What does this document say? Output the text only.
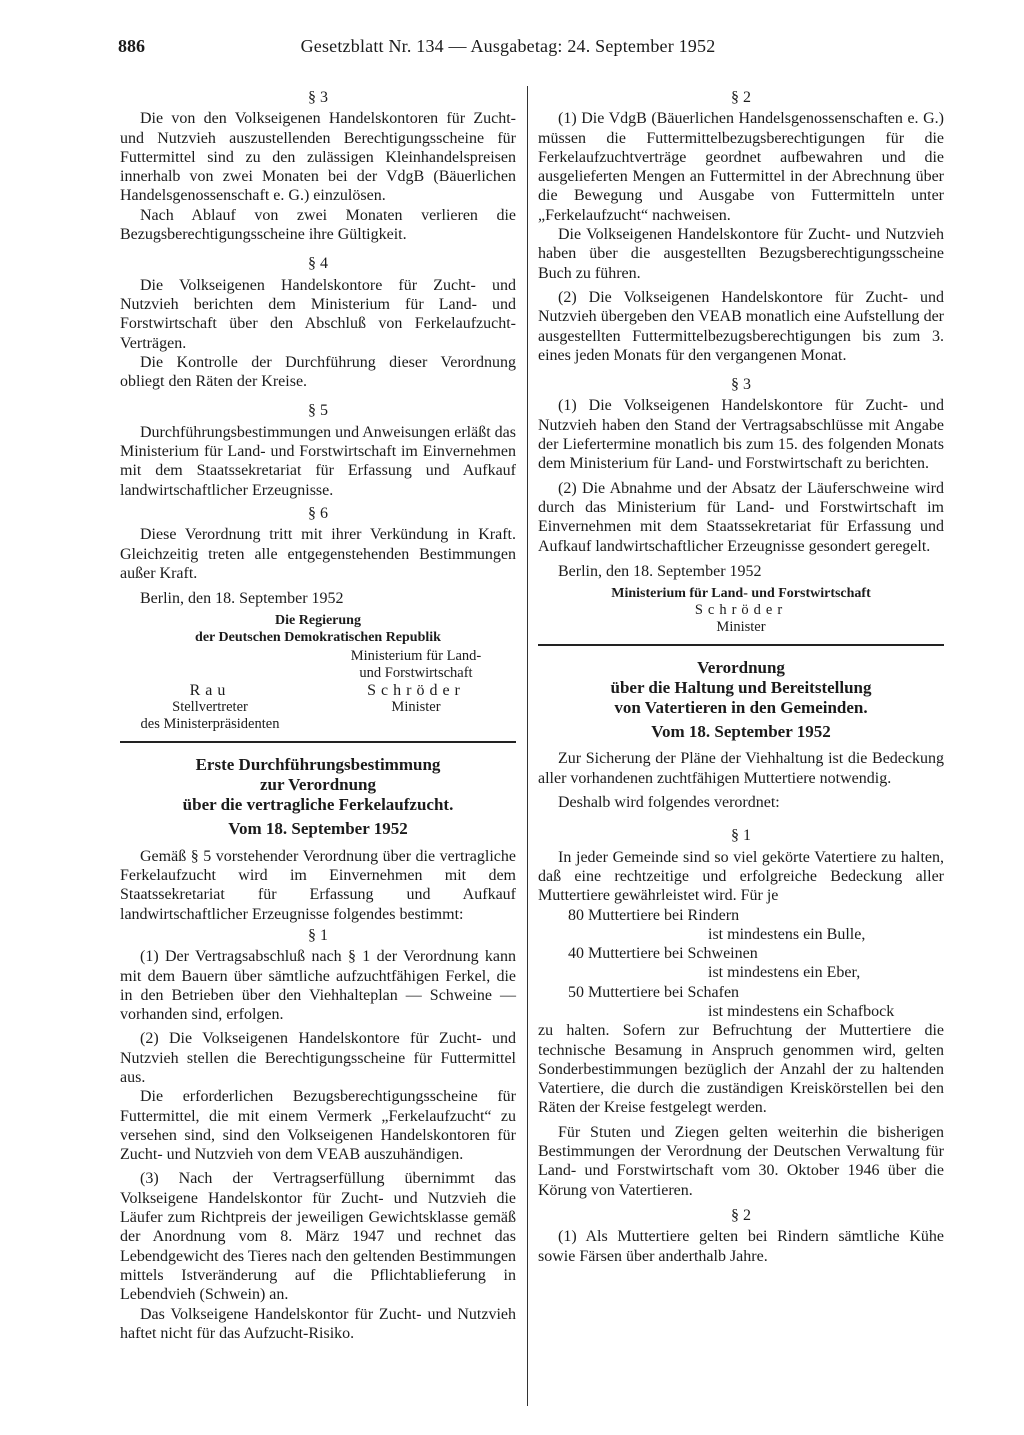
886	Gesetzblatt Nr. 134 — Ausgabetag: 24. September 1952
§ 3

Die von den Volkseigenen Handelskontoren für Zucht- und Nutzvieh auszustellenden Berechtigungsscheine für Futtermittel sind zu den zulässigen Kleinhandelspreisen innerhalb von zwei Monaten bei der VdgB (Bäuerlichen Handelsgenossenschaft e. G.) einzulösen.

Nach Ablauf von zwei Monaten verlieren die Bezugsberechtigungsscheine ihre Gültigkeit.

§ 4

Die Volkseigenen Handelskontore für Zucht- und Nutzvieh berichten dem Ministerium für Land- und Forstwirtschaft über den Abschluß von Ferkelaufzucht-Verträgen.

Die Kontrolle der Durchführung dieser Verordnung obliegt den Räten der Kreise.

§ 5

Durchführungsbestimmungen und Anweisungen erläßt das Ministerium für Land- und Forstwirtschaft im Einvernehmen mit dem Staatssekretariat für Erfassung und Aufkauf landwirtschaftlicher Erzeugnisse.

§ 6

Diese Verordnung tritt mit ihrer Verkündung in Kraft. Gleichzeitig treten alle entgegenstehenden Bestimmungen außer Kraft.

Berlin, den 18. September 1952

Die Regierung
der Deutschen Demokratischen Republik
Rau
Stellvertreter
des Ministerpräsidenten
Ministerium für Land-
und Forstwirtschaft
Schröder
Minister
Erste Durchführungsbestimmung
zur Verordnung
über die vertragliche Ferkelaufzucht.
Vom 18. September 1952

Gemäß § 5 vorstehender Verordnung über die vertragliche Ferkelaufzucht wird im Einvernehmen mit dem Staatssekretariat für Erfassung und Aufkauf landwirtschaftlicher Erzeugnisse folgendes bestimmt:

§ 1

(1) Der Vertragsabschluß nach § 1 der Verordnung kann mit dem Bauern über sämtliche aufzuchtfähigen Ferkel, die in den Betrieben über den Viehhalteplan — Schweine — vorhanden sind, erfolgen.

(2) Die Volkseigenen Handelskontore für Zucht- und Nutzvieh stellen die Berechtigungsscheine für Futtermittel aus.

Die erforderlichen Bezugsberechtigungsscheine für Futtermittel, die mit einem Vermerk „Ferkelaufzucht“ zu versehen sind, sind den Volkseigenen Handelskontoren für Zucht- und Nutzvieh von dem VEAB auszuhändigen.

(3) Nach der Vertragserfüllung übernimmt das Volkseigene Handelskontor für Zucht- und Nutzvieh die Läufer zum Richtpreis der jeweiligen Gewichtsklasse gemäß der Anordnung vom 8. März 1947 und rechnet das Lebendgewicht des Tieres nach den geltenden Bestimmungen mittels Istveränderung auf die Pflichtablieferung in Lebendvieh (Schwein) an.

Das Volkseigene Handelskontor für Zucht- und Nutzvieh haftet nicht für das Aufzucht-Risiko.

§ 2

(1) Die VdgB (Bäuerlichen Handelsgenossenschaften e. G.) müssen die Futtermittelbezugsberechtigungen für die Ferkelaufzuchtverträge geordnet aufbewahren und die ausgelieferten Mengen an Futtermittel in der Abrechnung über die Bewegung und Ausgabe von Futtermitteln unter „Ferkelaufzucht“ nachweisen.

Die Volkseigenen Handelskontore für Zucht- und Nutzvieh haben über die ausgestellten Bezugsberechtigungsscheine Buch zu führen.

(2) Die Volkseigenen Handelskontore für Zucht- und Nutzvieh übergeben den VEAB monatlich eine Aufstellung der ausgestellten Futtermittelbezugsberechtigungen bis zum 3. eines jeden Monats für den vergangenen Monat.

§ 3

(1) Die Volkseigenen Handelskontore für Zucht- und Nutzvieh haben den Stand der Vertragsabschlüsse mit Angabe der Liefertermine monatlich bis zum 15. des folgenden Monats dem Ministerium für Land- und Forstwirtschaft zu berichten.

(2) Die Abnahme und der Absatz der Läuferschweine wird durch das Ministerium für Land- und Forstwirtschaft im Einvernehmen mit dem Staatssekretariat für Erfassung und Aufkauf landwirtschaftlicher Erzeugnisse gesondert geregelt.

Berlin, den 18. September 1952

Ministerium für Land- und Forstwirtschaft
Schröder
Minister
Verordnung
über die Haltung und Bereitstellung
von Vatertieren in den Gemeinden.
Vom 18. September 1952

Zur Sicherung der Pläne der Viehhaltung ist die Bedeckung aller vorhandenen zuchtfähigen Muttertiere notwendig.

Deshalb wird folgendes verordnet:

§ 1

In jeder Gemeinde sind so viel gekörte Vatertiere zu halten, daß eine rechtzeitige und erfolgreiche Bedeckung aller Muttertiere gewährleistet wird. Für je

80 Muttertiere bei Rindern
ist mindestens ein Bulle,
40 Muttertiere bei Schweinen
ist mindestens ein Eber,
50 Muttertiere bei Schafen
ist mindestens ein Schafbock

zu halten. Sofern zur Befruchtung der Muttertiere die technische Besamung in Anspruch genommen wird, gelten Sonderbestimmungen bezüglich der Anzahl der zu haltenden Vatertiere, die durch die zuständigen Kreiskörstellen bei den Räten der Kreise festgelegt werden.

Für Stuten und Ziegen gelten weiterhin die bisherigen Bestimmungen der Verordnung der Deutschen Verwaltung für Land- und Forstwirtschaft vom 30. Oktober 1946 über die Körung von Vatertieren.

§ 2

(1) Als Muttertiere gelten bei Rindern sämtliche Kühe sowie Färsen über anderthalb Jahre.
